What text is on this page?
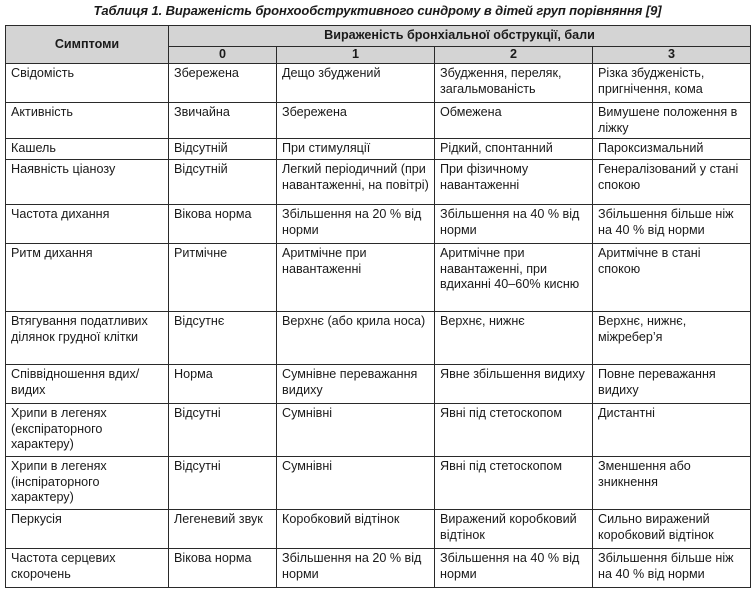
Таблиця 1. Вираженість бронхообструктивного синдрому в дітей груп порівняння [9]
Симптоми	Вираженість бронхіальної обструкції, бали			
	0	1	2	3
Свідомість	Збережена	Дещо збуджений	Збудження, переляк, загальмованість	Різка збудженість, пригнічення, кома
Активність	Звичайна	Збережена	Обмежена	Вимушене положення в ліжку
Кашель	Відсутній	При стимуляції	Рідкий, спонтанний	Пароксизмальний
Наявність ціанозу	Відсутній	Легкий періодичний (при навантаженні, на повітрі)	При фізичному навантаженні	Генералізований у стані спокою
Частота дихання	Вікова норма	Збільшення на 20 % від норми	Збільшення на 40 % від норми	Збільшення більше ніж на 40 % від норми
Ритм дихання	Ритмічне	Аритмічне при навантаженні	Аритмічне при навантаженні, при вдиханні 40–60% кисню	Аритмічне в стані спокою
Втягування податливих ділянок грудної клітки	Відсутнє	Верхнє (або крила носа)	Верхнє, нижнє	Верхнє, нижнє, міжребер’я
Співвідношення вдих/видих	Норма	Сумнівне переважання видиху	Явне збільшення видиху	Повне переважання видиху
Хрипи в легенях (експіраторного характеру)	Відсутні	Сумнівні	Явні під стетоскопом	Дистантні
Хрипи в легенях (інспіраторного характеру)	Відсутні	Сумнівні	Явні під стетоскопом	Зменшення або зникнення
Перкусія	Легеневий звук	Коробковий відтінок	Виражений коробковий відтінок	Сильно виражений коробковий відтінок
Частота серцевих скорочень	Вікова норма	Збільшення на 20 % від норми	Збільшення на 40 % від норми	Збільшення більше ніж на 40 % від норми
